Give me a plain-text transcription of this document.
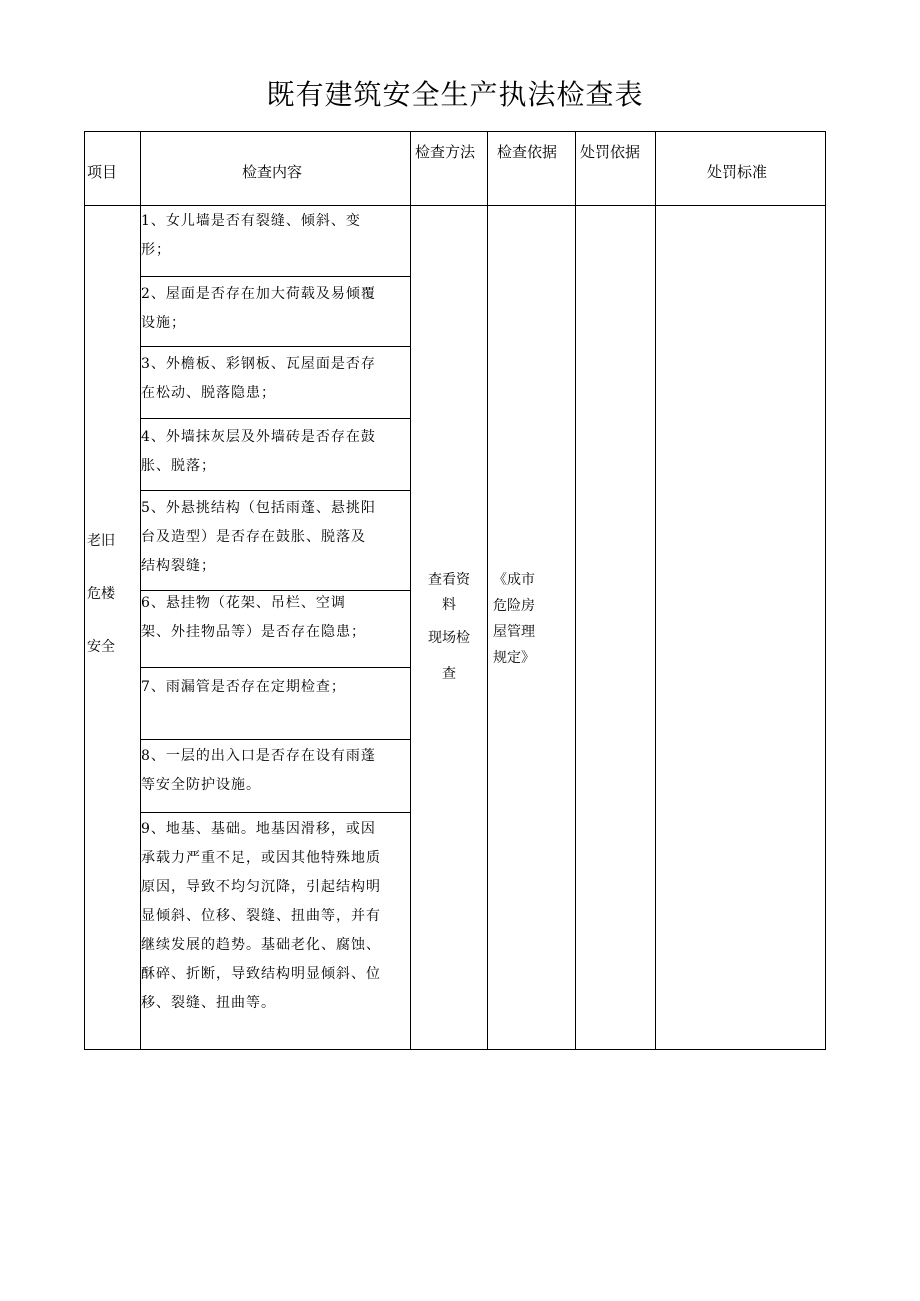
既有建筑安全生产执法检查表
项目	检查内容
检查方法 检查依据 处罚依据
处罚标准
老旧
危楼
安全
1、女儿墙是否有裂缝、倾斜、变
形；
2、屋面是否存在加大荷载及易倾覆
设施；
3、外檐板、彩钢板、瓦屋面是否存
在松动、脱落隐患；
4、外墙抹灰层及外墙砖是否存在鼓
胀、脱落；
5、外悬挑结构（包括雨蓬、悬挑阳
台及造型）是否存在鼓胀、脱落及
结构裂缝；
6、悬挂物（花架、吊栏、空调
架、外挂物品等）是否存在隐患；
7、雨漏管是否存在定期检查；
8、一层的出入口是否存在设有雨蓬
等安全防护设施。
9、地基、基础。地基因滑移，或因
承载力严重不足，或因其他特殊地质
原因，导致不均匀沉降，引起结构明
显倾斜、位移、裂缝、扭曲等，并有
继续发展的趋势。基础老化、腐蚀、
酥碎、折断，导致结构明显倾斜、位
移、裂缝、扭曲等。
查看资
料
现场检
查
《成市
危险房
屋管理
规定》
